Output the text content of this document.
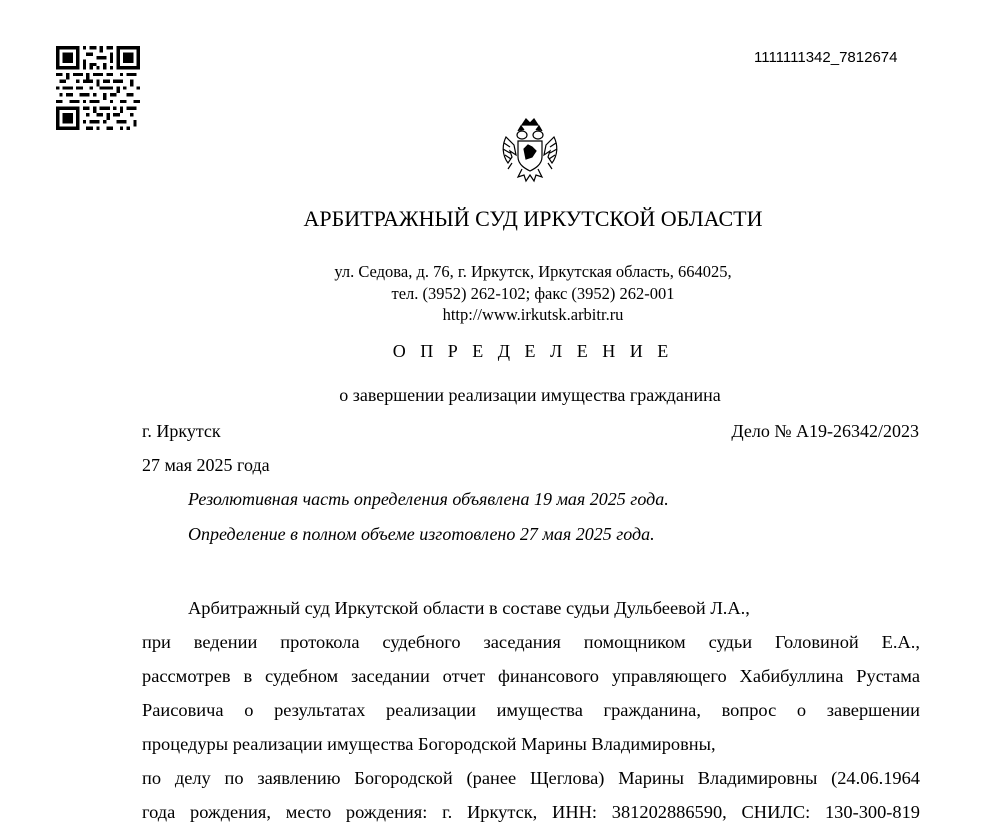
1111111342_7812674
АРБИТРАЖНЫЙ СУД ИРКУТСКОЙ ОБЛАСТИ
ул. Седова, д. 76, г. Иркутск, Иркутская область, 664025,
тел. (3952) 262-102; факс (3952) 262-001
http://www.irkutsk.arbitr.ru
О П Р Е Д Е Л Е Н И Е
о завершении реализации имущества гражданина
г. Иркутск	Дело № А19-26342/2023
27 мая 2025 года
Резолютивная часть определения объявлена 19 мая 2025 года.
Определение в полном объеме изготовлено 27 мая 2025 года.
Арбитражный суд Иркутской области в составе судьи Дульбеевой Л.А.,
при ведении протокола судебного заседания помощником судьи Головиной Е.А.,
рассмотрев в судебном заседании отчет финансового управляющего Хабибуллина Рустама
Раисовича о результатах реализации имущества гражданина, вопрос о завершении
процедуры реализации имущества Богородской Марины Владимировны,
по делу по заявлению Богородской (ранее Щеглова) Марины Владимировны (24.06.1964
года рождения, место рождения: г. Иркутск, ИНН: 381202886590, СНИЛС: 130-300-819
